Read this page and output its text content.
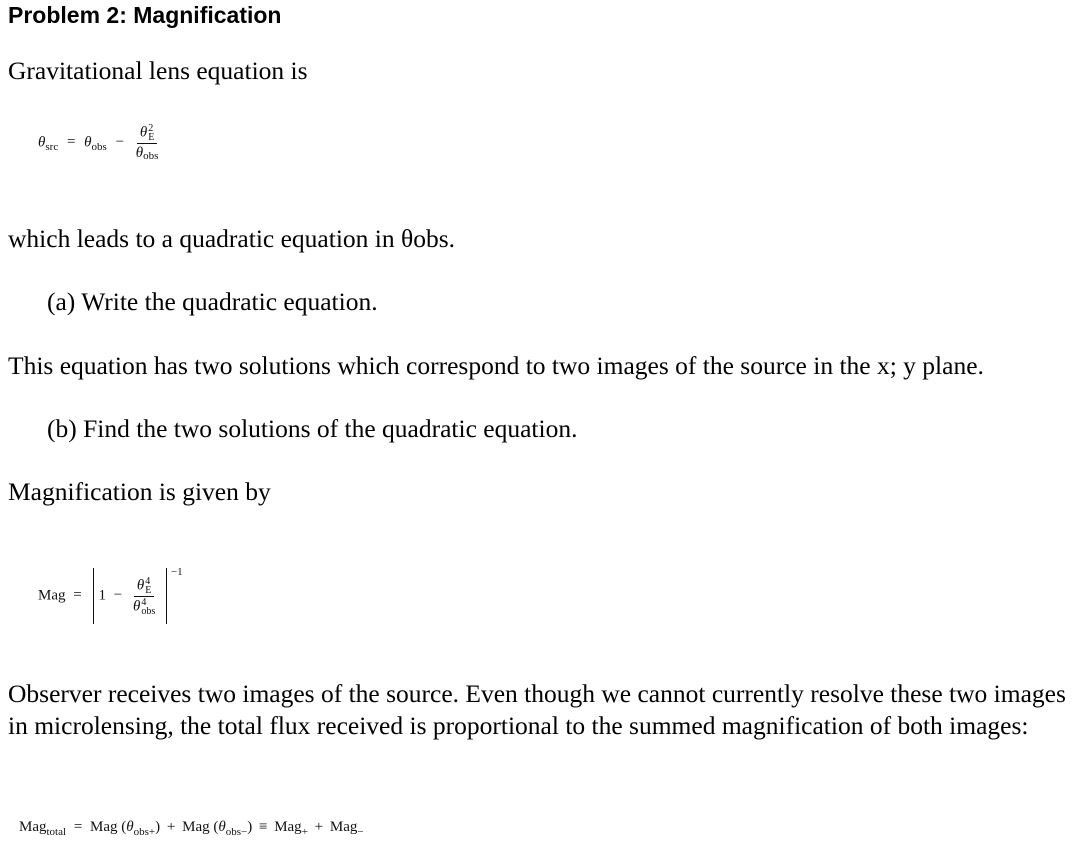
Problem 2: Magnification
Gravitational lens equation is
$\theta_{src} = \theta_{obs} - \theta$ 2
E
θobs
which leads to a quadratic equation in θobs.
(a) Write the quadratic equation.
This equation has two solutions which correspond to two images of the source in the x; y plane.
(b) Find the two solutions of the quadratic equation.
Magnification is given by
Mag = 1 − θ 4
E
θ 4
obs
$^{-1}$
Observer receives two images of the source. Even though we cannot currently resolve these two images in microlensing, the total flux received is proportional to the summed magnification of both images:
Mag$_{total}$ = Mag $(\theta_{obs+})$ + Mag $(\theta_{obs-}) \equiv Mag_+ + Mag_-$
